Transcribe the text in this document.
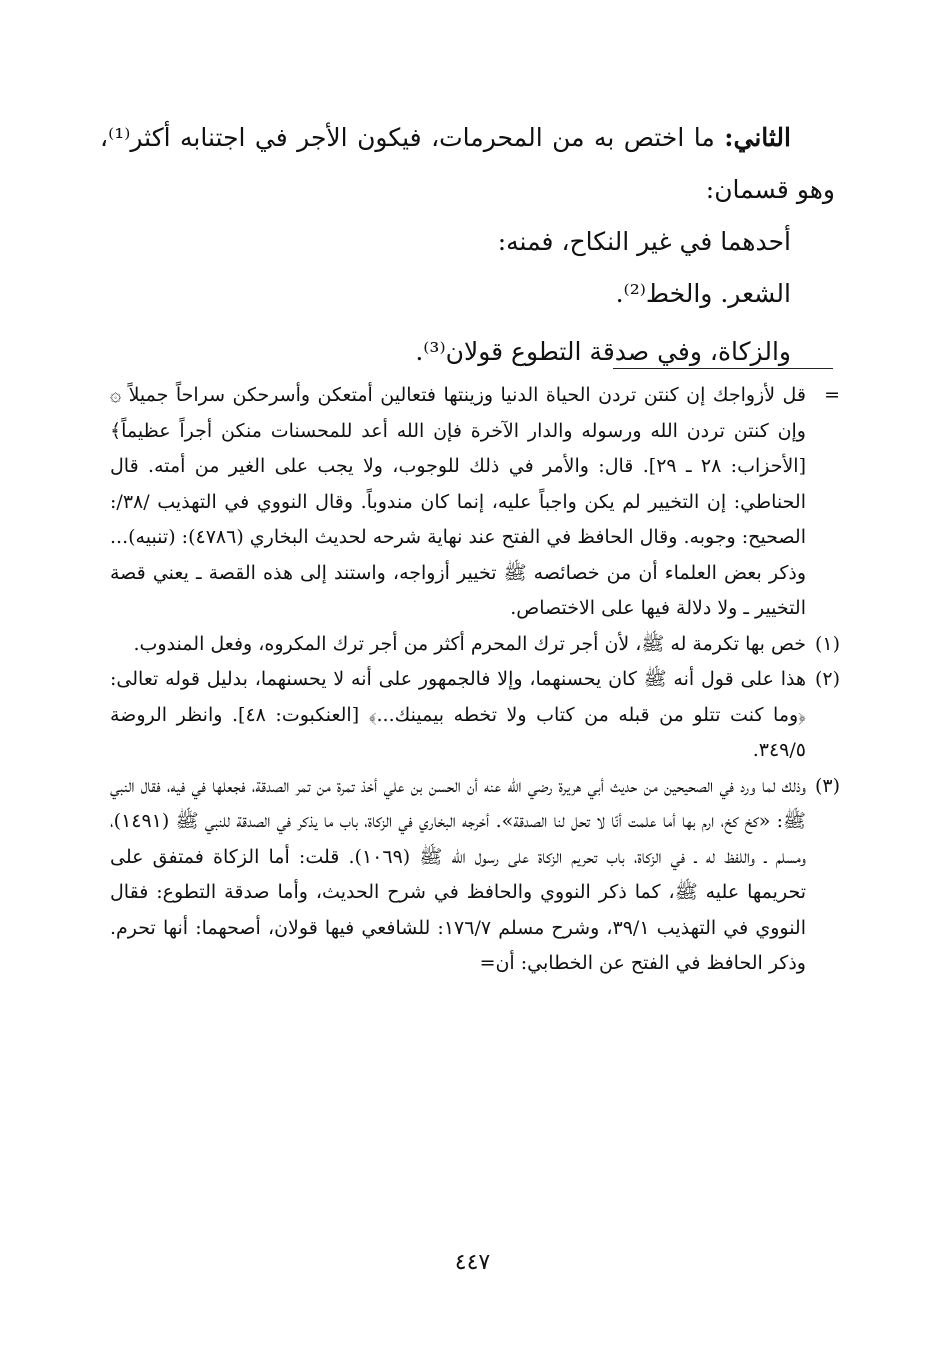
الثاني: ما اختص به من المحرمات، فيكون الأجر في اجتنابه أكثر⁽¹⁾، وهو قسمان:

أحدهما في غير النكاح، فمنه:

الشعر. والخط⁽²⁾.

والزكاة، وفي صدقة التطوع قولان⁽³⁾.

=
قل لأزواجك إن كنتن تردن الحياة الدنيا وزينتها فتعالين أمتعكن وأسرحكن سراحاً جميلاً ۞ وإن كنتن تردن الله ورسوله والدار الآخرة فإن الله أعد للمحسنات منكن أجراً عظيماً﴾ [الأحزاب: ٢٨ ـ ٢٩]. قال: والأمر في ذلك للوجوب، ولا يجب على الغير من أمته. قال الحناطي: إن التخيير لم يكن واجباً عليه، إنما كان مندوباً. وقال النووي في التهذيب /٣٨/: الصحيح: وجوبه. وقال الحافظ في الفتح عند نهاية شرحه لحديث البخاري (٤٧٨٦): (تنبيه)... وذكر بعض العلماء أن من خصائصه ﷺ تخيير أزواجه، واستند إلى هذه القصة ـ يعني قصة التخيير ـ ولا دلالة فيها على الاختصاص.
(١)
خص بها تكرمة له ﷺ، لأن أجر ترك المحرم أكثر من أجر ترك المكروه، وفعل المندوب.
(٢)
هذا على قول أنه ﷺ كان يحسنهما، وإلا فالجمهور على أنه لا يحسنهما، بدليل قوله تعالى: ﴿وما كنت تتلو من قبله من كتاب ولا تخطه بيمينك...﴾ [العنكبوت: ٤٨]. وانظر الروضة ٣٤٩/٥.
(٣)
وذلك لما ورد في الصحيحين من حديث أبي هريرة رضي الله عنه أن الحسن بن علي أخذ تمرة من تمر الصدقة، فجعلها في فيه، فقال النبي ﷺ: «كخ كخ، ارم بها أما علمت أنّا لا تحل لنا الصدقة». أخرجه البخاري في الزكاة، باب ما يذكر في الصدقة للنبي ﷺ (١٤٩١)، ومسلم ـ واللفظ له ـ في الزكاة، باب تحريم الزكاة على رسول الله ﷺ (١٠٦٩). قلت: أما الزكاة فمتفق على تحريمها عليه ﷺ، كما ذكر النووي والحافظ في شرح الحديث، وأما صدقة التطوع: فقال النووي في التهذيب ٣٩/١، وشرح مسلم ١٧٦/٧: للشافعي فيها قولان، أصحهما: أنها تحرم. وذكر الحافظ في الفتح عن الخطابي: أن=
٤٤٧
